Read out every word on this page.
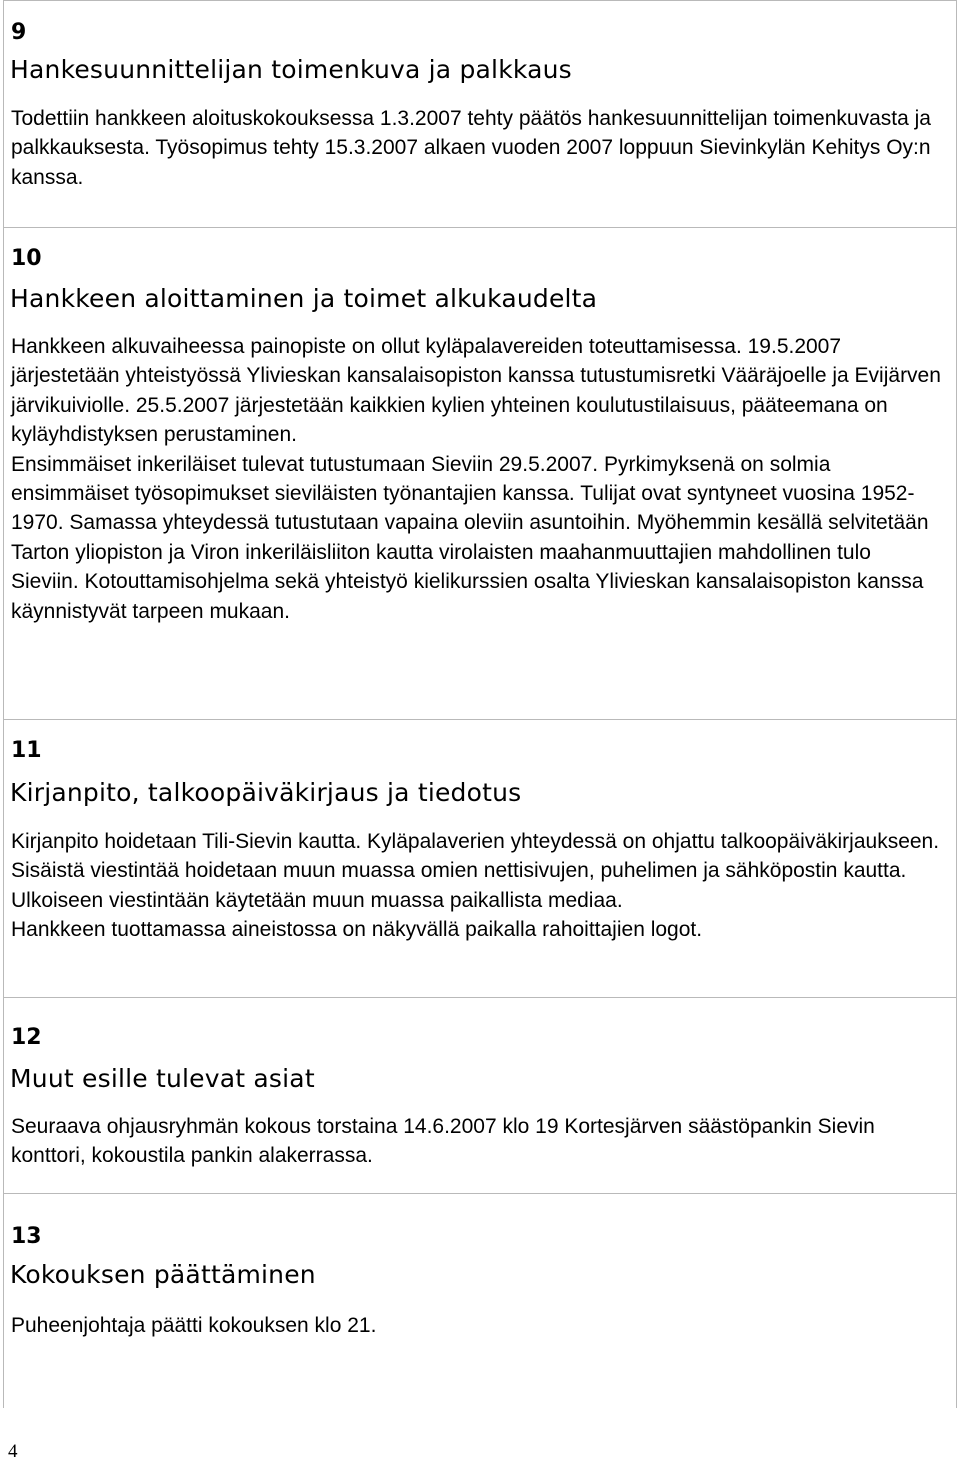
9
Hankesuunnittelijan toimenkuva ja palkkaus

Todettiin hankkeen aloituskokouksessa 1.3.2007 tehty päätös hankesuunnittelijan toimenkuvasta ja palkkauksesta. Työsopimus tehty 15.3.2007 alkaen vuoden 2007 loppuun Sievinkylän Kehitys Oy:n kanssa.

10
Hankkeen aloittaminen ja toimet alkukaudelta

Hankkeen alkuvaiheessa painopiste on ollut kyläpalavereiden toteuttamisessa. 19.5.2007 järjestetään yhteistyössä Ylivieskan kansalaisopiston kanssa tutustumisretki Vääräjoelle ja Evijärven järvikuiviolle. 25.5.2007 järjestetään kaikkien kylien yhteinen koulutustilaisuus, pääteemana on kyläyhdistyksen perustaminen.

Ensimmäiset inkeriläiset tulevat tutustumaan Sieviin 29.5.2007. Pyrkimyksenä on solmia ensimmäiset työsopimukset sieviläisten työnantajien kanssa. Tulijat ovat syntyneet vuosina 1952-1970. Samassa yhteydessä tutustutaan vapaina oleviin asuntoihin. Myöhemmin kesällä selvitetään Tarton yliopiston ja Viron inkeriläisliiton kautta virolaisten maahanmuuttajien mahdollinen tulo Sieviin. Kotouttamisohjelma sekä yhteistyö kielikurssien osalta Ylivieskan kansalaisopiston kanssa käynnistyvät tarpeen mukaan.

11
Kirjanpito, talkoopäiväkirjaus ja tiedotus

Kirjanpito hoidetaan Tili-Sievin kautta. Kyläpalaverien yhteydessä on ohjattu talkoopäiväkirjaukseen. Sisäistä viestintää hoidetaan muun muassa omien nettisivujen, puhelimen ja sähköpostin kautta. Ulkoiseen viestintään käytetään muun muassa paikallista mediaa.

Hankkeen tuottamassa aineistossa on näkyvällä paikalla rahoittajien logot.

12
Muut esille tulevat asiat

Seuraava ohjausryhmän kokous torstaina 14.6.2007 klo 19 Kortesjärven säästöpankin Sievin konttori, kokoustila pankin alakerrassa.

13
Kokouksen päättäminen

Puheenjohtaja päätti kokouksen klo 21.

4
